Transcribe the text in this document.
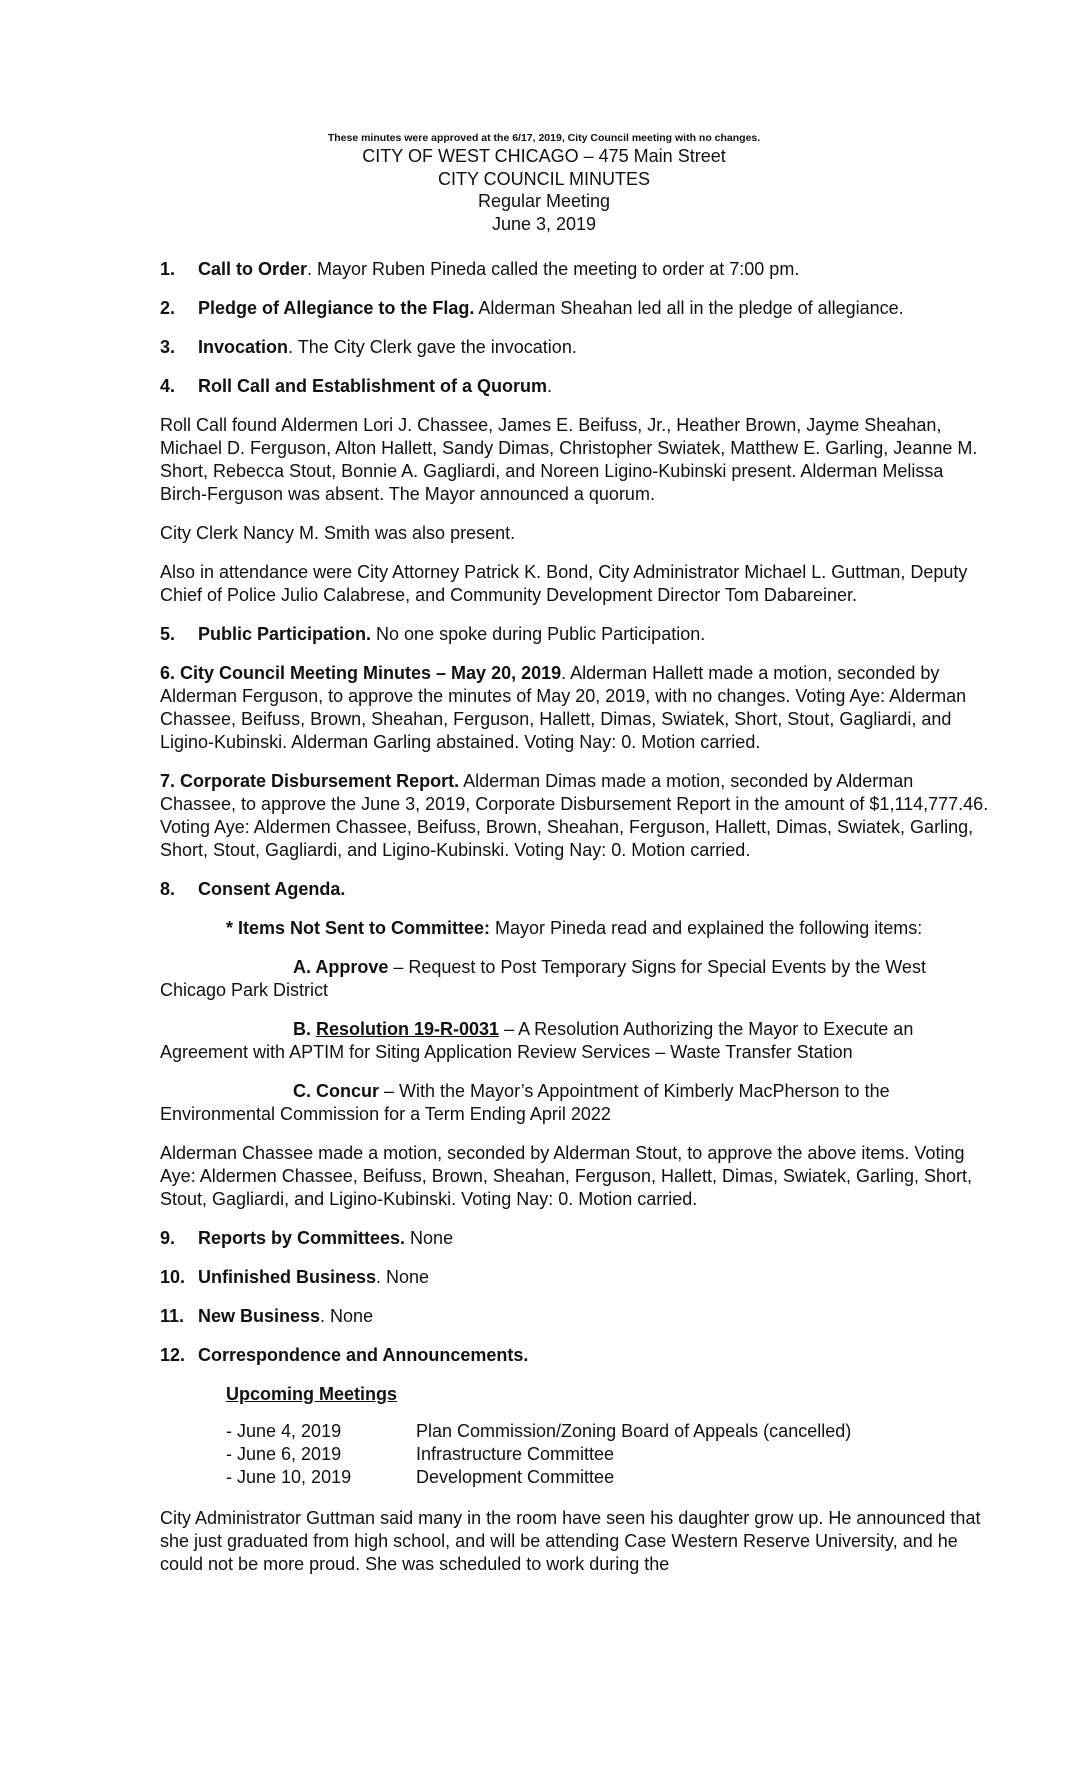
These minutes were approved at the 6/17, 2019, City Council meeting with no changes.
CITY OF WEST CHICAGO – 475 Main Street
CITY COUNCIL MINUTES
Regular Meeting
June 3, 2019
1.	Call to Order. Mayor Ruben Pineda called the meeting to order at 7:00 pm.

2.	Pledge of Allegiance to the Flag. Alderman Sheahan led all in the pledge of allegiance.

3.	Invocation. The City Clerk gave the invocation.

4.	Roll Call and Establishment of a Quorum.

Roll Call found Aldermen Lori J. Chassee, James E. Beifuss, Jr., Heather Brown, Jayme Sheahan, Michael D. Ferguson, Alton Hallett, Sandy Dimas, Christopher Swiatek, Matthew E. Garling, Jeanne M. Short, Rebecca Stout, Bonnie A. Gagliardi, and Noreen Ligino-Kubinski present. Alderman Melissa Birch-Ferguson was absent. The Mayor announced a quorum.

City Clerk Nancy M. Smith was also present.

Also in attendance were City Attorney Patrick K. Bond, City Administrator Michael L. Guttman, Deputy Chief of Police Julio Calabrese, and Community Development Director Tom Dabareiner.

5.	Public Participation. No one spoke during Public Participation.

6. City Council Meeting Minutes – May 20, 2019. Alderman Hallett made a motion, seconded by Alderman Ferguson, to approve the minutes of May 20, 2019, with no changes. Voting Aye: Alderman Chassee, Beifuss, Brown, Sheahan, Ferguson, Hallett, Dimas, Swiatek, Short, Stout, Gagliardi, and Ligino-Kubinski. Alderman Garling abstained. Voting Nay: 0. Motion carried.

7. Corporate Disbursement Report. Alderman Dimas made a motion, seconded by Alderman Chassee, to approve the June 3, 2019, Corporate Disbursement Report in the amount of $1,114,777.46. Voting Aye: Aldermen Chassee, Beifuss, Brown, Sheahan, Ferguson, Hallett, Dimas, Swiatek, Garling, Short, Stout, Gagliardi, and Ligino-Kubinski. Voting Nay: 0. Motion carried.

8.	Consent Agenda.

* Items Not Sent to Committee: Mayor Pineda read and explained the following items:

A. Approve – Request to Post Temporary Signs for Special Events by the West Chicago Park District

B. Resolution 19-R-0031 – A Resolution Authorizing the Mayor to Execute an Agreement with APTIM for Siting Application Review Services – Waste Transfer Station

C. Concur – With the Mayor’s Appointment of Kimberly MacPherson to the Environmental Commission for a Term Ending April 2022

Alderman Chassee made a motion, seconded by Alderman Stout, to approve the above items. Voting Aye: Aldermen Chassee, Beifuss, Brown, Sheahan, Ferguson, Hallett, Dimas, Swiatek, Garling, Short, Stout, Gagliardi, and Ligino-Kubinski. Voting Nay: 0. Motion carried.

9.	Reports by Committees. None

10. Unfinished Business. None

11. New Business. None

12. Correspondence and Announcements.

Upcoming Meetings
- June 4, 2019	Plan Commission/Zoning Board of Appeals (cancelled)
- June 6, 2019	Infrastructure Committee
- June 10, 2019	Development Committee

City Administrator Guttman said many in the room have seen his daughter grow up. He announced that she just graduated from high school, and will be attending Case Western Reserve University, and he could not be more proud. She was scheduled to work during the
